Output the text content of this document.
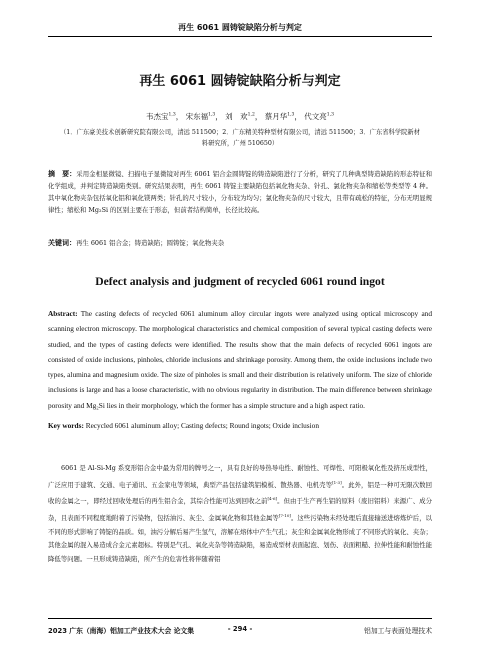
再生 6061 圆铸锭缺陷分析与判定
再生 6061 圆铸锭缺陷分析与判定
韦杰宝$^{1,3}$， 宋东福$^{1,3}$， 刘　欢$^{1,2}$， 蔡月华$^{1,3}$， 代文亮$^{1,3}$
（1．广东豪美技术创新研究院有限公司，清远 511500；2．广东精美特种型材有限公司，清远 511500；3．广东省科学院新材料研究所，广州 510650）
摘　要：采用金相显微镜、扫描电子显微镜对再生 6061 铝合金圆铸锭的铸造缺陷进行了分析，研究了几种典型铸造缺陷的形态特征和化学组成，并判定铸造缺陷类别。研究结果表明，再生 6061 铸锭主要缺陷包括氧化物夹杂、针孔、氯化物夹杂和缩松等类型等 4 种。其中氧化物夹杂包括氧化铝和氧化镁两类；针孔的尺寸较小，分布较为均匀；氯化物夹杂的尺寸较大，且带有疏松的特征，分布无明显规律性；缩松和 Mg₂Si 的区别主要在于形态，但前者结构简单，长径比较高。
关键词：再生 6061 铝合金；铸造缺陷；圆铸锭；氧化物夹杂
Defect analysis and judgment of recycled 6061 round ingot
Abstract: The casting defects of recycled 6061 aluminum alloy circular ingots were analyzed using optical microscopy and scanning electron microscopy. The morphological characteristics and chemical composition of several typical casting defects were studied, and the types of casting defects were identified. The results show that the main defects of recycled 6061 ingots are consisted of oxide inclusions, pinholes, chloride inclusions and shrinkage porosity. Among them, the oxide inclusions include two types, alumina and magnesium oxide. The size of pinholes is small and their distribution is relatively uniform. The size of chloride inclusions is large and has a loose characteristic, with no obvious regularity in distribution. The main difference between shrinkage porosity and Mg₂Si lies in their morphology, which the former has a simple structure and a high aspect ratio.
Key words: Recycled 6061 aluminum alloy; Casting defects; Round ingots; Oxide inclusion

6061 是 Al-Si-Mg 系变形铝合金中最为常用的牌号之一，具有良好的导热导电性、耐蚀性、可焊性、可阳极氧化性及挤压成型性，广泛应用于建筑、交通、电子通讯、五金家电等领域，典型产品包括建筑铝模板、散热器、电机壳等[1-3]。此外，铝是一种可无限次数回收的金属之一，即经过回收处理后的再生铝合金，其综合性能可达到回收之前[4-6]。但由于生产再生铝的原料（废旧铝料）来源广、成分杂，且表面不同程度地附着了污染物，包括油污、灰尘、金属氧化物和其他金属等[7-10]。这些污染物未经处理后直接输送进熔炼炉后，以不同的形式影响了铸锭的品质。如，油污分解后易产生氢气，溶解在熔体中产生气孔；灰尘和金属氧化物形成了不同形式的氧化、夹杂；其他金属的混入易造成合金元素超标。特别是气孔、氧化夹杂等铸造缺陷，易造成型材表面起泡、划伤、表面粗糙、拉伸性能和耐蚀性能降低等问题。一旦形成铸造缺陷，所产生的危害性将伴随着铝

2023 广东（南海）铝加工产业技术大会 论文集	- 294 -	铝加工与表面处理技术
